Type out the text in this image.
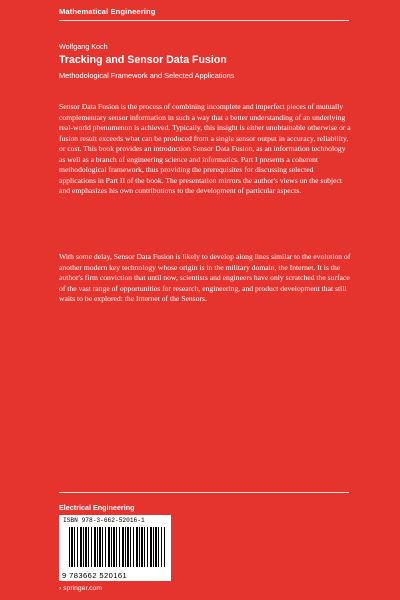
Mathematical Engineering
Wolfgang Koch
Tracking and Sensor Data Fusion
Methodological Framework and Selected Applications

Sensor Data Fusion is the process of combining incomplete and imperfect pieces of mutually complementary sensor information in such a way that a better understanding of an underlying real-world phenomenon is achieved. Typically, this insight is either unobtainable otherwise or a fusion result exceeds what can be produced from a single sensor output in accuracy, reliability, or cost. This book provides an introduction Sensor Data Fusion, as an information technology as well as a branch of engineering science and informatics. Part I presents a coherent methodological framework, thus providing the prerequisites for discussing selected applications in Part II of the book. The presentation mirrors the author's views on the subject and emphasizes his own contributions to the development of particular aspects.

With some delay, Sensor Data Fusion is likely to develop along lines similar to the evolution of another modern key technology whose origin is in the military domain, the Internet. It is the author's firm conviction that until now, scientists and engineers have only scratched the surface of the vast range of opportunities for research, engineering, and product development that still waits to be explored: the Internet of the Sensors.

Electrical Engineering
ISBN 978-3-662-52016-1
9 783662 520161
› springer.com
